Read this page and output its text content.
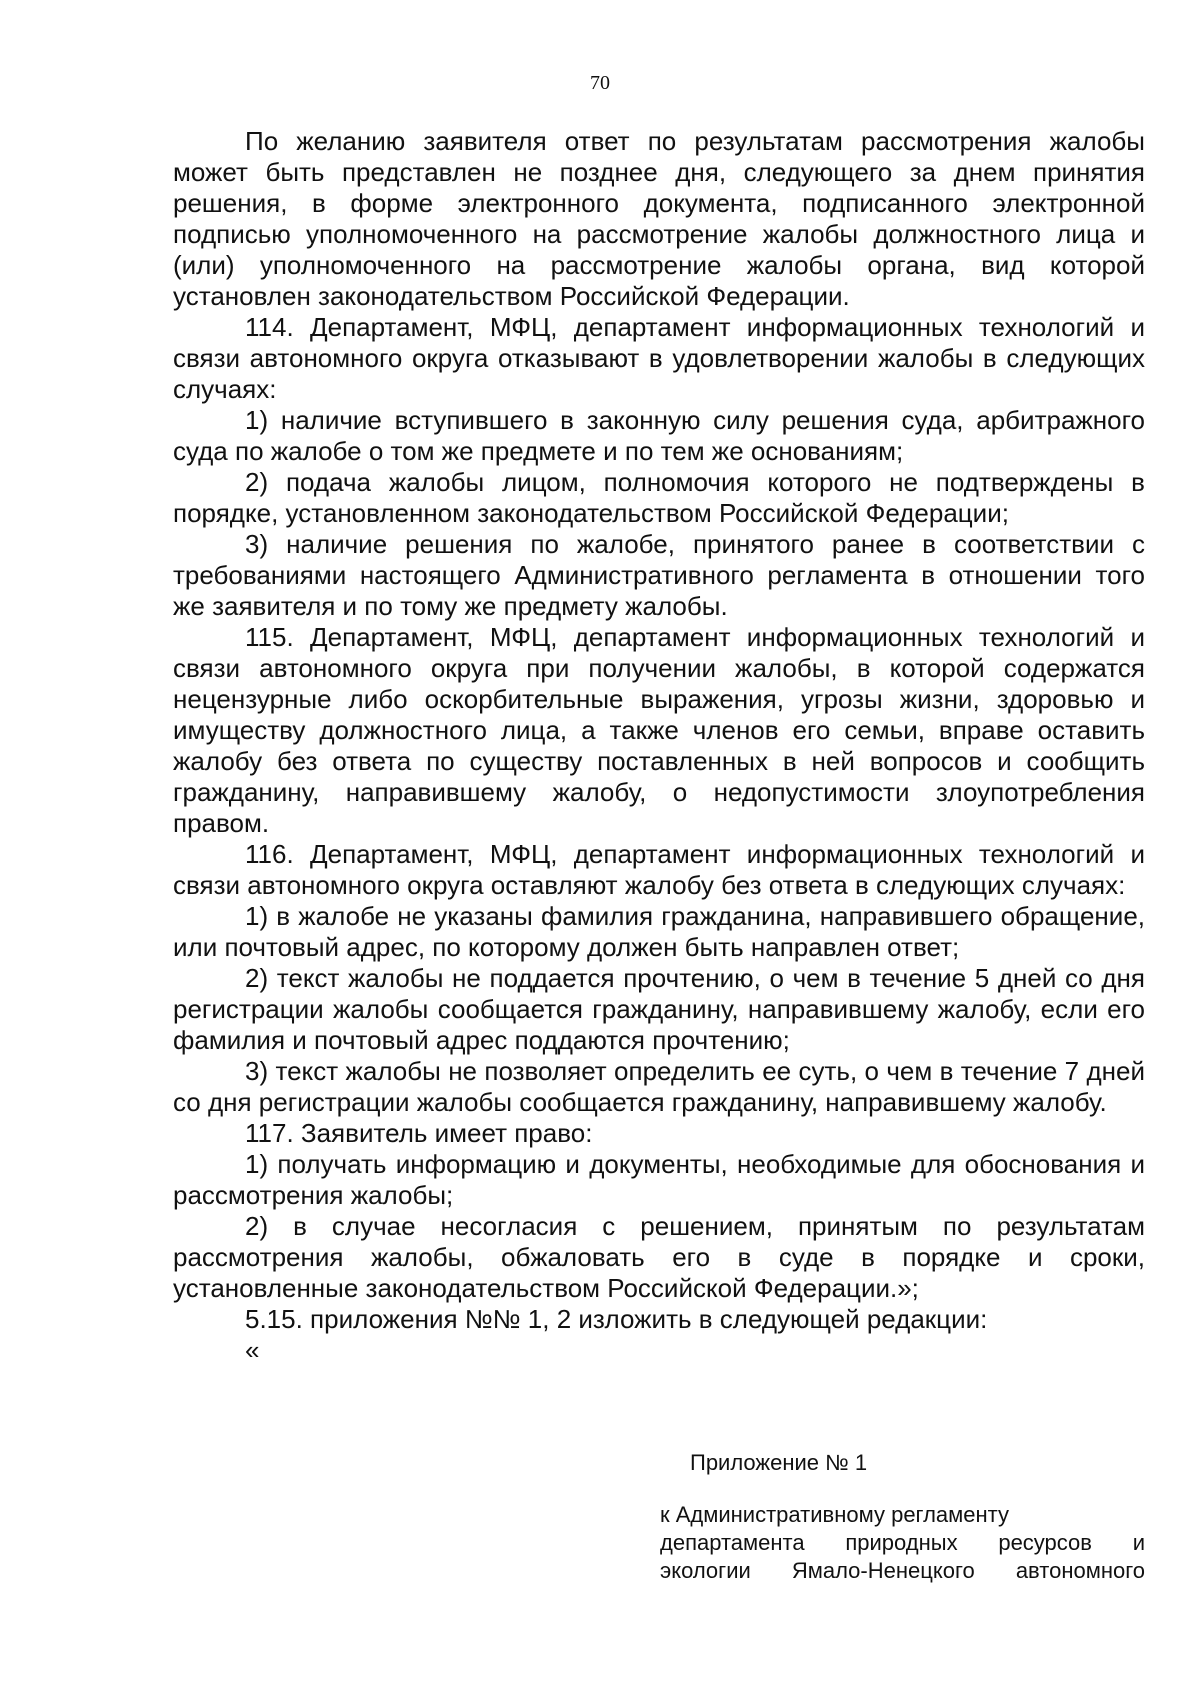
70

По желанию заявителя ответ по результатам рассмотрения жалобы может быть представлен не позднее дня, следующего за днем принятия решения, в форме электронного документа, подписанного электронной подписью уполномоченного на рассмотрение жалобы должностного лица и (или) уполномоченного на рассмотрение жалобы органа, вид которой установлен законодательством Российской Федерации.

114. Департамент, МФЦ, департамент информационных технологий и связи автономного округа отказывают в удовлетворении жалобы в следующих случаях:

1) наличие вступившего в законную силу решения суда, арбитражного суда по жалобе о том же предмете и по тем же основаниям;

2) подача жалобы лицом, полномочия которого не подтверждены в порядке, установленном законодательством Российской Федерации;

3) наличие решения по жалобе, принятого ранее в соответствии с требованиями настоящего Административного регламента в отношении того же заявителя и по тому же предмету жалобы.

115. Департамент, МФЦ, департамент информационных технологий и связи автономного округа при получении жалобы, в которой содержатся нецензурные либо оскорбительные выражения, угрозы жизни, здоровью и имуществу должностного лица, а также членов его семьи, вправе оставить жалобу без ответа по существу поставленных в ней вопросов и сообщить гражданину, направившему жалобу, о недопустимости злоупотребления правом.

116. Департамент, МФЦ, департамент информационных технологий и связи автономного округа оставляют жалобу без ответа в следующих случаях:

1) в жалобе не указаны фамилия гражданина, направившего обращение, или почтовый адрес, по которому должен быть направлен ответ;

2) текст жалобы не поддается прочтению, о чем в течение 5 дней со дня регистрации жалобы сообщается гражданину, направившему жалобу, если его фамилия и почтовый адрес поддаются прочтению;

3) текст жалобы не позволяет определить ее суть, о чем в течение 7 дней со дня регистрации жалобы сообщается гражданину, направившему жалобу.

117. Заявитель имеет право:

1) получать информацию и документы, необходимые для обоснования и рассмотрения жалобы;

2) в случае несогласия с решением, принятым по результатам рассмотрения жалобы, обжаловать его в суде в порядке и сроки, установленные законодательством Российской Федерации.»;

5.15. приложения №№ 1, 2 изложить в следующей редакции:

«

Приложение № 1

к Административному регламенту

департамента природных ресурсов и

экологии Ямало-Ненецкого автономного
